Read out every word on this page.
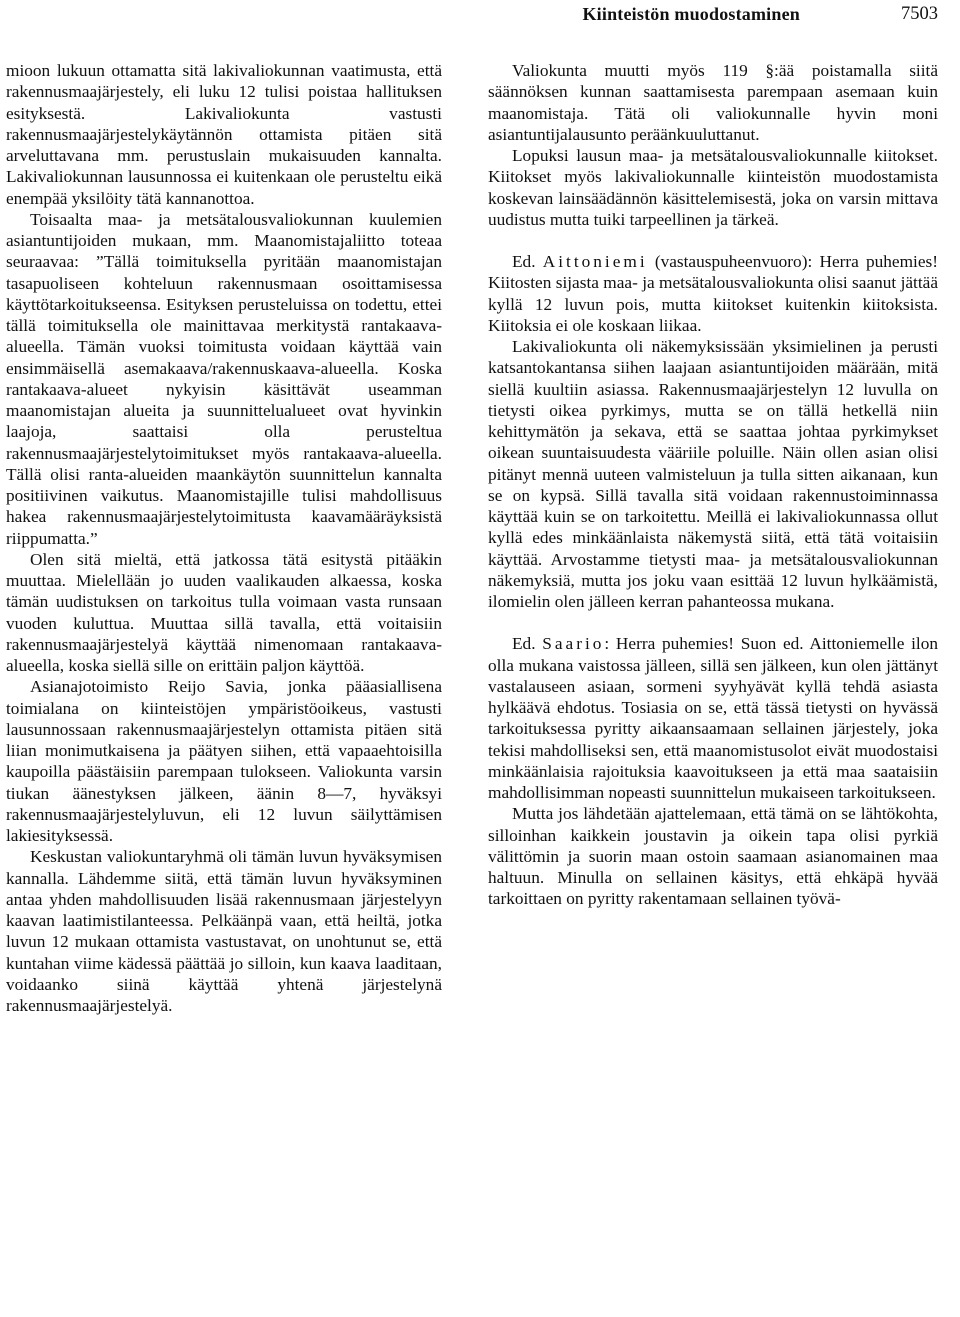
Kiinteistön muodostaminen	7503

mioon lukuun ottamatta sitä lakivaliokunnan vaatimusta, että rakennusmaajärjestely, eli luku 12 tulisi poistaa hallituksen esityksestä. Lakivaliokunta vastusti rakennusmaajärjestelykäytännön ottamista pitäen sitä arveluttavana mm. perustuslain mukaisuuden kannalta. Lakivaliokunnan lausunnossa ei kuitenkaan ole perusteltu eikä enempää yksilöity tätä kannanottoa.

Toisaalta maa- ja metsätalousvaliokunnan kuulemien asiantuntijoiden mukaan, mm. Maanomistajaliitto toteaa seuraavaa: ”Tällä toimituksella pyritään maanomistajan tasapuoliseen kohteluun rakennusmaan osoittamisessa käyttötarkoitukseensa. Esityksen perusteluissa on todettu, ettei tällä toimituksella ole mainittavaa merkitystä rantakaava-alueella. Tämän vuoksi toimitusta voidaan käyttää vain ensimmäisellä asemakaava/rakennuskaava-alueella. Koska rantakaava-alueet nykyisin käsittävät useamman maanomistajan alueita ja suunnittelualueet ovat hyvinkin laajoja, saattaisi olla perusteltua rakennusmaajärjestelytoimitukset myös rantakaava-alueella. Tällä olisi ranta-alueiden maankäytön suunnittelun kannalta positiivinen vaikutus. Maanomistajille tulisi mahdollisuus hakea rakennusmaajärjestelytoimitusta kaavamääräyksistä riippumatta.”

Olen sitä mieltä, että jatkossa tätä esitystä pitääkin muuttaa. Mielellään jo uuden vaalikauden alkaessa, koska tämän uudistuksen on tarkoitus tulla voimaan vasta runsaan vuoden kuluttua. Muuttaa sillä tavalla, että voitaisiin rakennusmaajärjestelyä käyttää nimenomaan rantakaava-alueella, koska siellä sille on erittäin paljon käyttöä.

Asianajotoimisto Reijo Savia, jonka pääasiallisena toimialana on kiinteistöjen ympäristöoikeus, vastusti lausunnossaan rakennusmaajärjestelyn ottamista pitäen sitä liian monimutkaisena ja päätyen siihen, että vapaaehtoisilla kaupoilla päästäisiin parempaan tulokseen. Valiokunta varsin tiukan äänestyksen jälkeen, äänin 8—7, hyväksyi rakennusmaajärjestelyluvun, eli 12 luvun säilyttämisen lakiesityksessä.

Keskustan valiokuntaryhmä oli tämän luvun hyväksymisen kannalla. Lähdemme siitä, että tämän luvun hyväksyminen antaa yhden mahdollisuuden lisää rakennusmaan järjestelyyn kaavan laatimistilanteessa. Pelkäänpä vaan, että heiltä, jotka luvun 12 mukaan ottamista vastustavat, on unohtunut se, että kuntahan viime kädessä päättää jo silloin, kun kaava laaditaan, voidaanko siinä käyttää yhtenä järjestelynä rakennusmaajärjestelyä.

Valiokunta muutti myös 119 §:ää poistamalla siitä säännöksen kunnan saattamisesta parempaan asemaan kuin maanomistaja. Tätä oli valiokunnalle hyvin moni asiantuntijalausunto peräänkuuluttanut.

Lopuksi lausun maa- ja metsätalousvaliokunnalle kiitokset. Kiitokset myös lakivaliokunnalle kiinteistön muodostamista koskevan lainsäädännön käsittelemisestä, joka on varsin mittava uudistus mutta tuiki tarpeellinen ja tärkeä.

Ed. Aittoniemi (vastauspuheenvuoro): Herra puhemies! Kiitosten sijasta maa- ja metsätalousvaliokunta olisi saanut jättää kyllä 12 luvun pois, mutta kiitokset kuitenkin kiitoksista. Kiitoksia ei ole koskaan liikaa.

Lakivaliokunta oli näkemyksissään yksimielinen ja perusti katsantokantansa siihen laajaan asiantuntijoiden määrään, mitä siellä kuultiin asiassa. Rakennusmaajärjestelyn 12 luvulla on tietysti oikea pyrkimys, mutta se on tällä hetkellä niin kehittymätön ja sekava, että se saattaa johtaa pyrkimykset oikean suuntaisuudesta vääriile poluille. Näin ollen asian olisi pitänyt mennä uuteen valmisteluun ja tulla sitten aikanaan, kun se on kypsä. Sillä tavalla sitä voidaan rakennustoiminnassa käyttää kuin se on tarkoitettu. Meillä ei lakivaliokunnassa ollut kyllä edes minkäänlaista näkemystä siitä, että tätä voitaisiin käyttää. Arvostamme tietysti maa- ja metsätalousvaliokunnan näkemyksiä, mutta jos joku vaan esittää 12 luvun hylkäämistä, ilomielin olen jälleen kerran pahanteossa mukana.

Ed. Saario: Herra puhemies! Suon ed. Aittoniemelle ilon olla mukana vaistossa jälleen, sillä sen jälkeen, kun olen jättänyt vastalauseen asiaan, sormeni syyhyävät kyllä tehdä asiasta hylkäävä ehdotus. Tosiasia on se, että tässä tietysti on hyvässä tarkoituksessa pyritty aikaansaamaan sellainen järjestely, joka tekisi mahdolliseksi sen, että maanomistusolot eivät muodostaisi minkäänlaisia rajoituksia kaavoitukseen ja että maa saataisiin mahdollisimman nopeasti suunnittelun mukaiseen tarkoitukseen.

Mutta jos lähdetään ajattelemaan, että tämä on se lähtökohta, silloinhan kaikkein joustavin ja oikein tapa olisi pyrkiä välittömin ja suorin maan ostoin saamaan asianomainen maa haltuun. Minulla on sellainen käsitys, että ehkäpä hyvää tarkoittaen on pyritty rakentamaan sellainen työvä-
